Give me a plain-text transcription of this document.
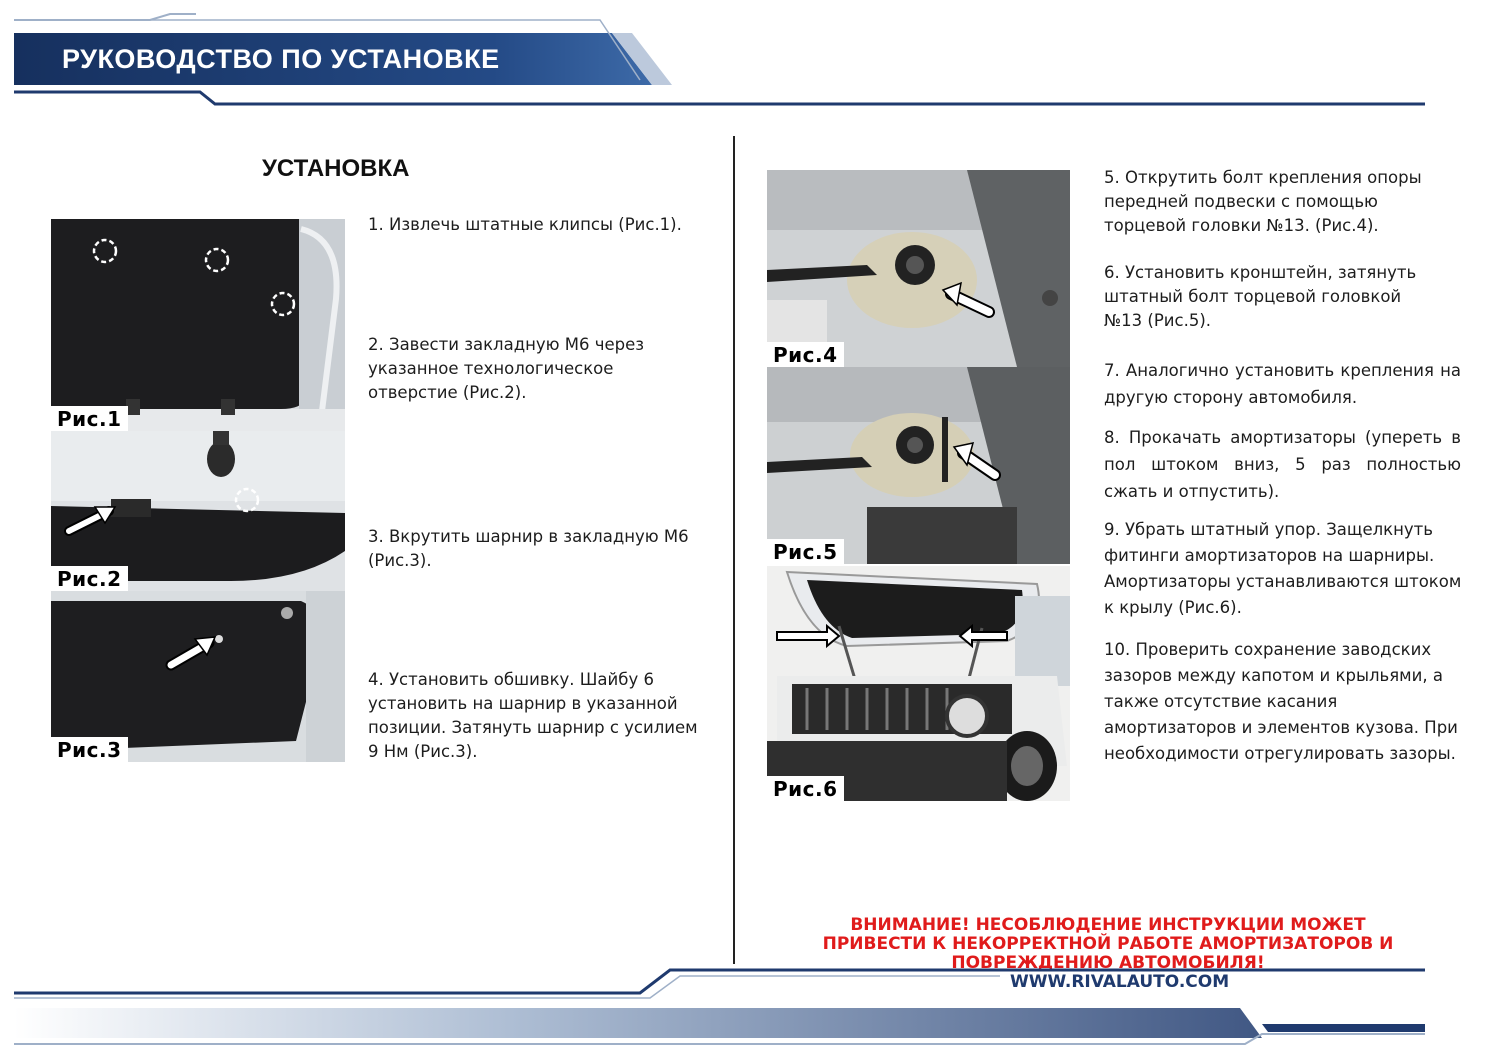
РУКОВОДСТВО ПО УСТАНОВКЕ
УСТАНОВКА
Рис.1
Рис.2
Рис.3
1. Извлечь штатные клипсы (Рис.1).
2. Завести закладную М6 через указанное технологическое отверстие (Рис.2).
3. Вкрутить шарнир в закладную М6 (Рис.3).
4. Установить обшивку. Шайбу 6 установить на шарнир в указанной позиции. Затянуть шарнир с усилием 9 Нм (Рис.3).
Рис.4
Рис.5
Рис.6
5. Открутить болт крепления опоры передней подвески с помощью торцевой головки №13. (Рис.4).
6. Установить кронштейн, затянуть штатный болт торцевой головкой №13 (Рис.5).
7. Аналогично установить крепления на другую сторону автомобиля.
8. Прокачать амортизаторы (упереть в пол штоком вниз, 5 раз полностью сжать и отпустить).
9. Убрать штатный упор. Защелкнуть фитинги амортизаторов на шарниры. Амортизаторы устанавливаются штоком к крылу (Рис.6).
10. Проверить сохранение заводских зазоров между капотом и крыльями, а также отсутствие касания амортизаторов и элементов кузова. При необходимости отрегулировать зазоры.
ВНИМАНИЕ! НЕСОБЛЮДЕНИЕ ИНСТРУКЦИИ МОЖЕТ ПРИВЕСТИ К НЕКОРРЕКТНОЙ РАБОТЕ АМОРТИЗАТОРОВ И ПОВРЕЖДЕНИЮ АВТОМОБИЛЯ!
WWW.RIVALAUTO.COM
